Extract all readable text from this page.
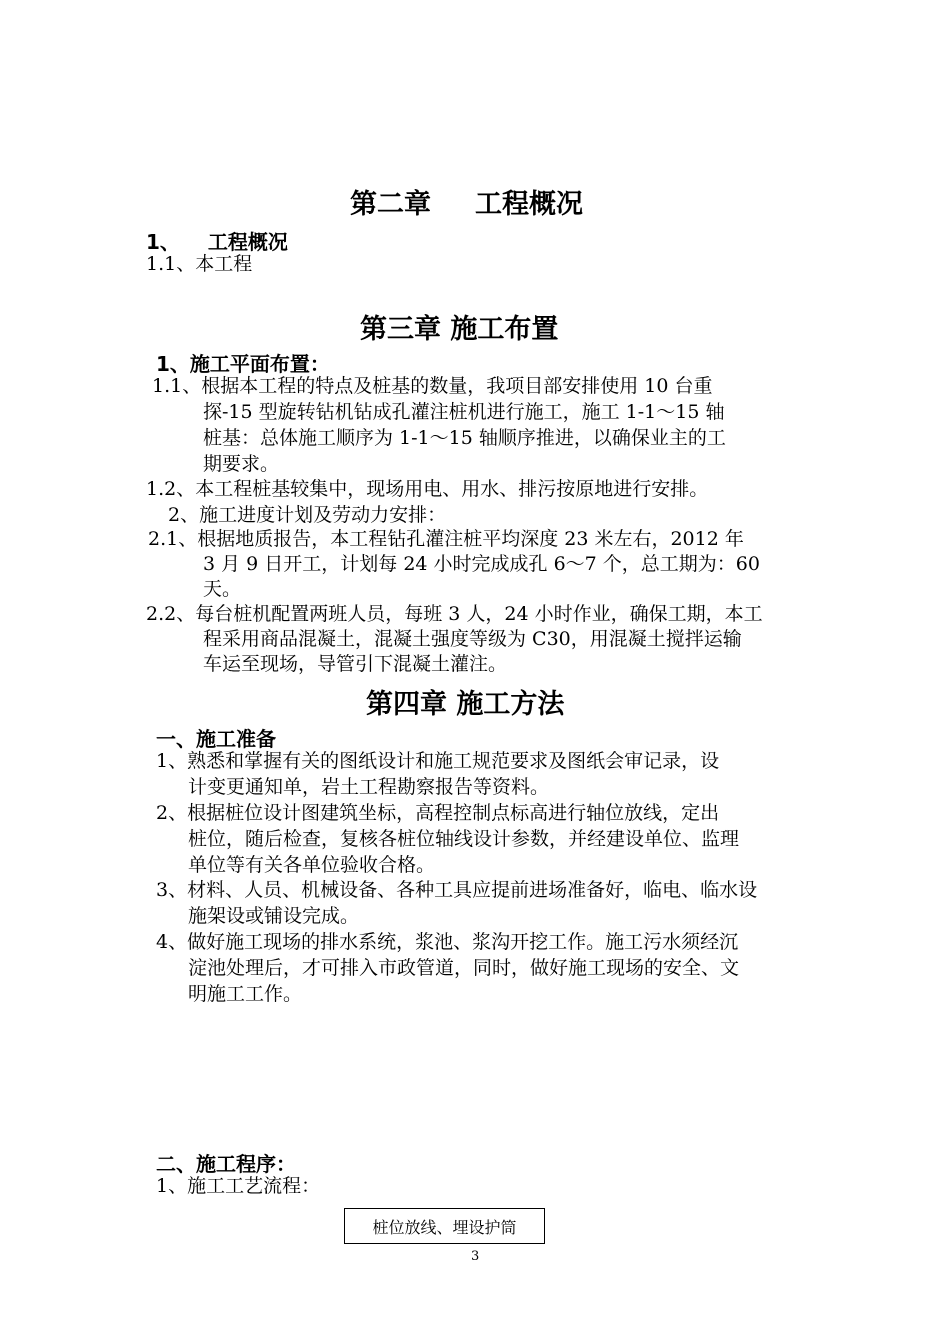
第二章 工程概况
1、 工程概况
1.1、本工程
第三章 施工布置
1、施工平面布置：
1.1、根据本工程的特点及桩基的数量，我项目部安排使用 10 台重
探-15 型旋转钻机钻成孔灌注桩机进行施工，施工 1-1～15 轴
桩基：总体施工顺序为 1-1～15 轴顺序推进，以确保业主的工
期要求。
1.2、本工程桩基较集中，现场用电、用水、排污按原地进行安排。
2、施工进度计划及劳动力安排：
2.1、根据地质报告，本工程钻孔灌注桩平均深度 23 米左右，2012 年
3 月 9 日开工，计划每 24 小时完成成孔 6～7 个，总工期为：60
天。
2.2、每台桩机配置两班人员，每班 3 人，24 小时作业，确保工期，本工
程采用商品混凝土，混凝土强度等级为 C30，用混凝土搅拌运输
车运至现场，导管引下混凝土灌注。
第四章 施工方法
一、施工准备
1、熟悉和掌握有关的图纸设计和施工规范要求及图纸会审记录，设
计变更通知单，岩土工程勘察报告等资料。
2、根据桩位设计图建筑坐标，高程控制点标高进行轴位放线，定出
桩位，随后检查，复核各桩位轴线设计参数，并经建设单位、监理
单位等有关各单位验收合格。
3、材料、人员、机械设备、各种工具应提前进场准备好，临电、临水设
施架设或铺设完成。
4、做好施工现场的排水系统，浆池、浆沟开挖工作。施工污水须经沉
淀池处理后，才可排入市政管道，同时，做好施工现场的安全、文
明施工工作。
二、施工程序：
1、施工工艺流程：
桩位放线、埋设护筒
3
